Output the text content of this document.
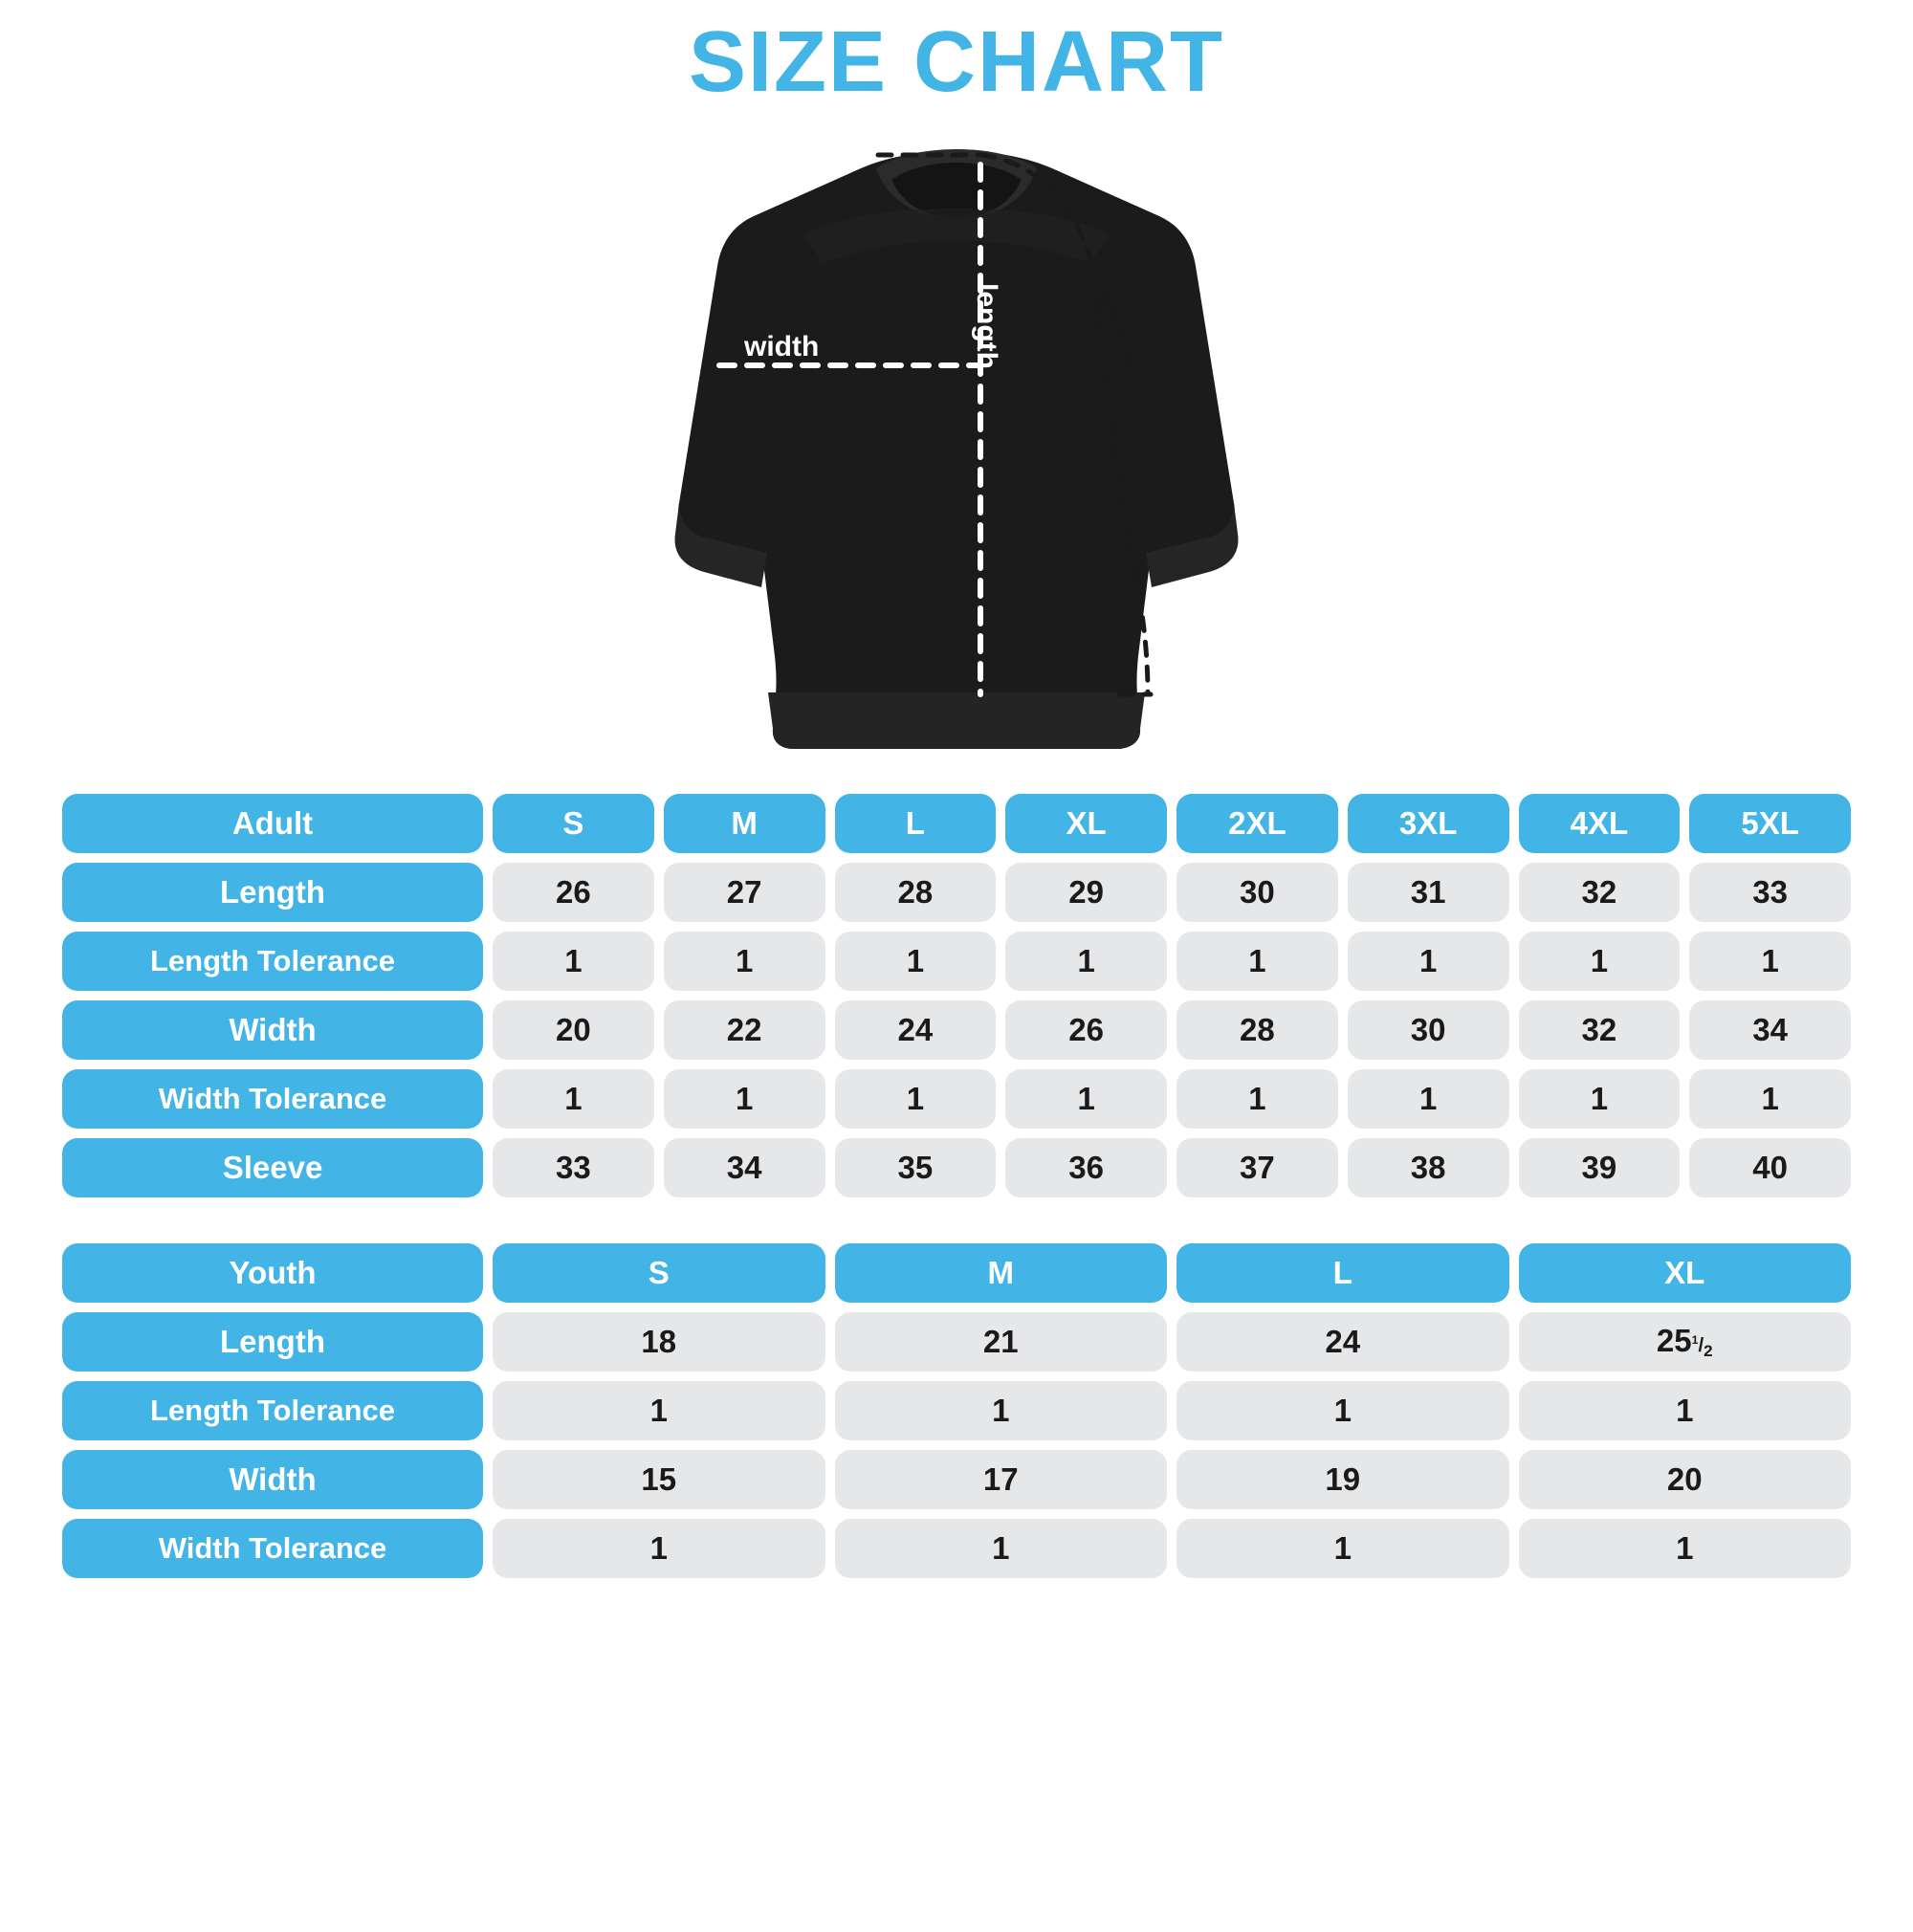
SIZE CHART
length
width	sleeve
Adult	S	M	L	XL	2XL	3XL	4XL	5XL
Length	26	27	28	29	30	31	32	33
Length Tolerance	1	1	1	1	1	1	1	1
Width	20	22	24	26	28	30	32	34
Width Tolerance	1	1	1	1	1	1	1	1
Sleeve	33	34	35	36	37	38	39	40
Youth	S	M	L	XL
Length	18	21	24	$25^1/_2$
Length Tolerance	1	1	1	1
Width	15	17	19	20
Width Tolerance	1	1	1	1
